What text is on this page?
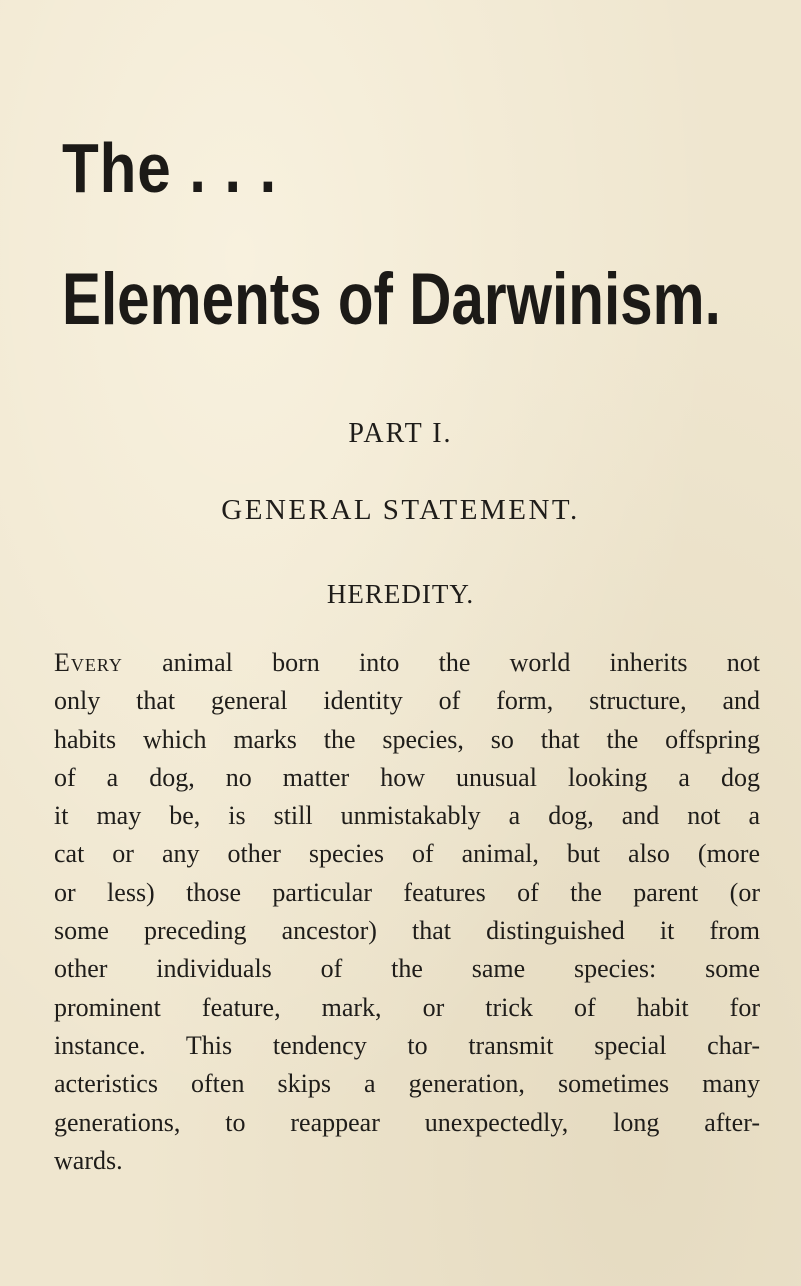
The . . .
Elements of Darwinism.
PART I.
GENERAL STATEMENT.
HEREDITY.
Every animal born into the world inherits not
only that general identity of form, structure, and
habits which marks the species, so that the offspring
of a dog, no matter how unusual looking a dog
it may be, is still unmistakably a dog, and not a
cat or any other species of animal, but also (more
or less) those particular features of the parent (or
some preceding ancestor) that distinguished it from
other individuals of the same species: some
prominent feature, mark, or trick of habit for
instance. This tendency to transmit special char-
acteristics often skips a generation, sometimes many
generations, to reappear unexpectedly, long after-
wards.
